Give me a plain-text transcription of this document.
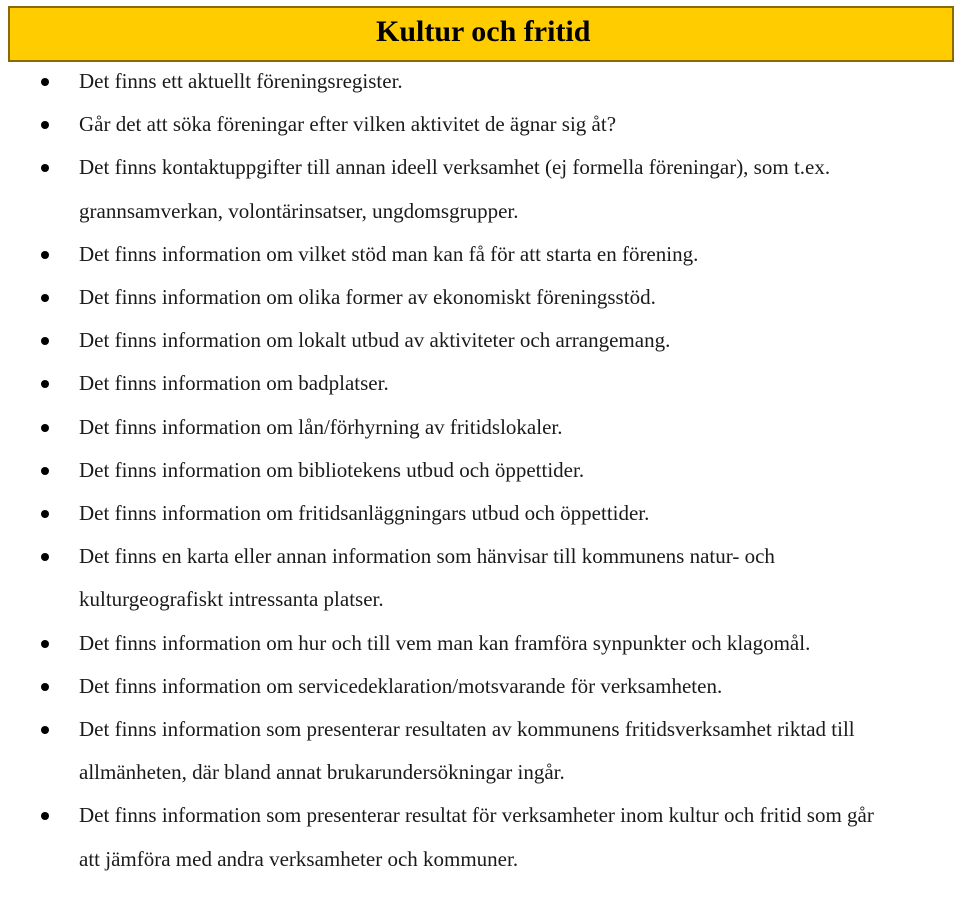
Kultur och fritid
Det finns ett aktuellt föreningsregister.
Går det att söka föreningar efter vilken aktivitet de ägnar sig åt?
Det finns kontaktuppgifter till annan ideell verksamhet (ej formella föreningar), som t.ex. grannsamverkan, volontärinsatser, ungdomsgrupper.
Det finns information om vilket stöd man kan få för att starta en förening.
Det finns information om olika former av ekonomiskt föreningsstöd.
Det finns information om lokalt utbud av aktiviteter och arrangemang.
Det finns information om badplatser.
Det finns information om lån/förhyrning av fritidslokaler.
Det finns information om bibliotekens utbud och öppettider.
Det finns information om fritidsanläggningars utbud och öppettider.
Det finns en karta eller annan information som hänvisar till kommunens natur- och kulturgeografiskt intressanta platser.
Det finns information om hur och till vem man kan framföra synpunkter och klagomål.
Det finns information om servicedeklaration/motsvarande för verksamheten.
Det finns information som presenterar resultaten av kommunens fritidsverksamhet riktad till allmänheten, där bland annat brukarundersökningar ingår.
Det finns information som presenterar resultat för verksamheter inom kultur och fritid som går att jämföra med andra verksamheter och kommuner.
